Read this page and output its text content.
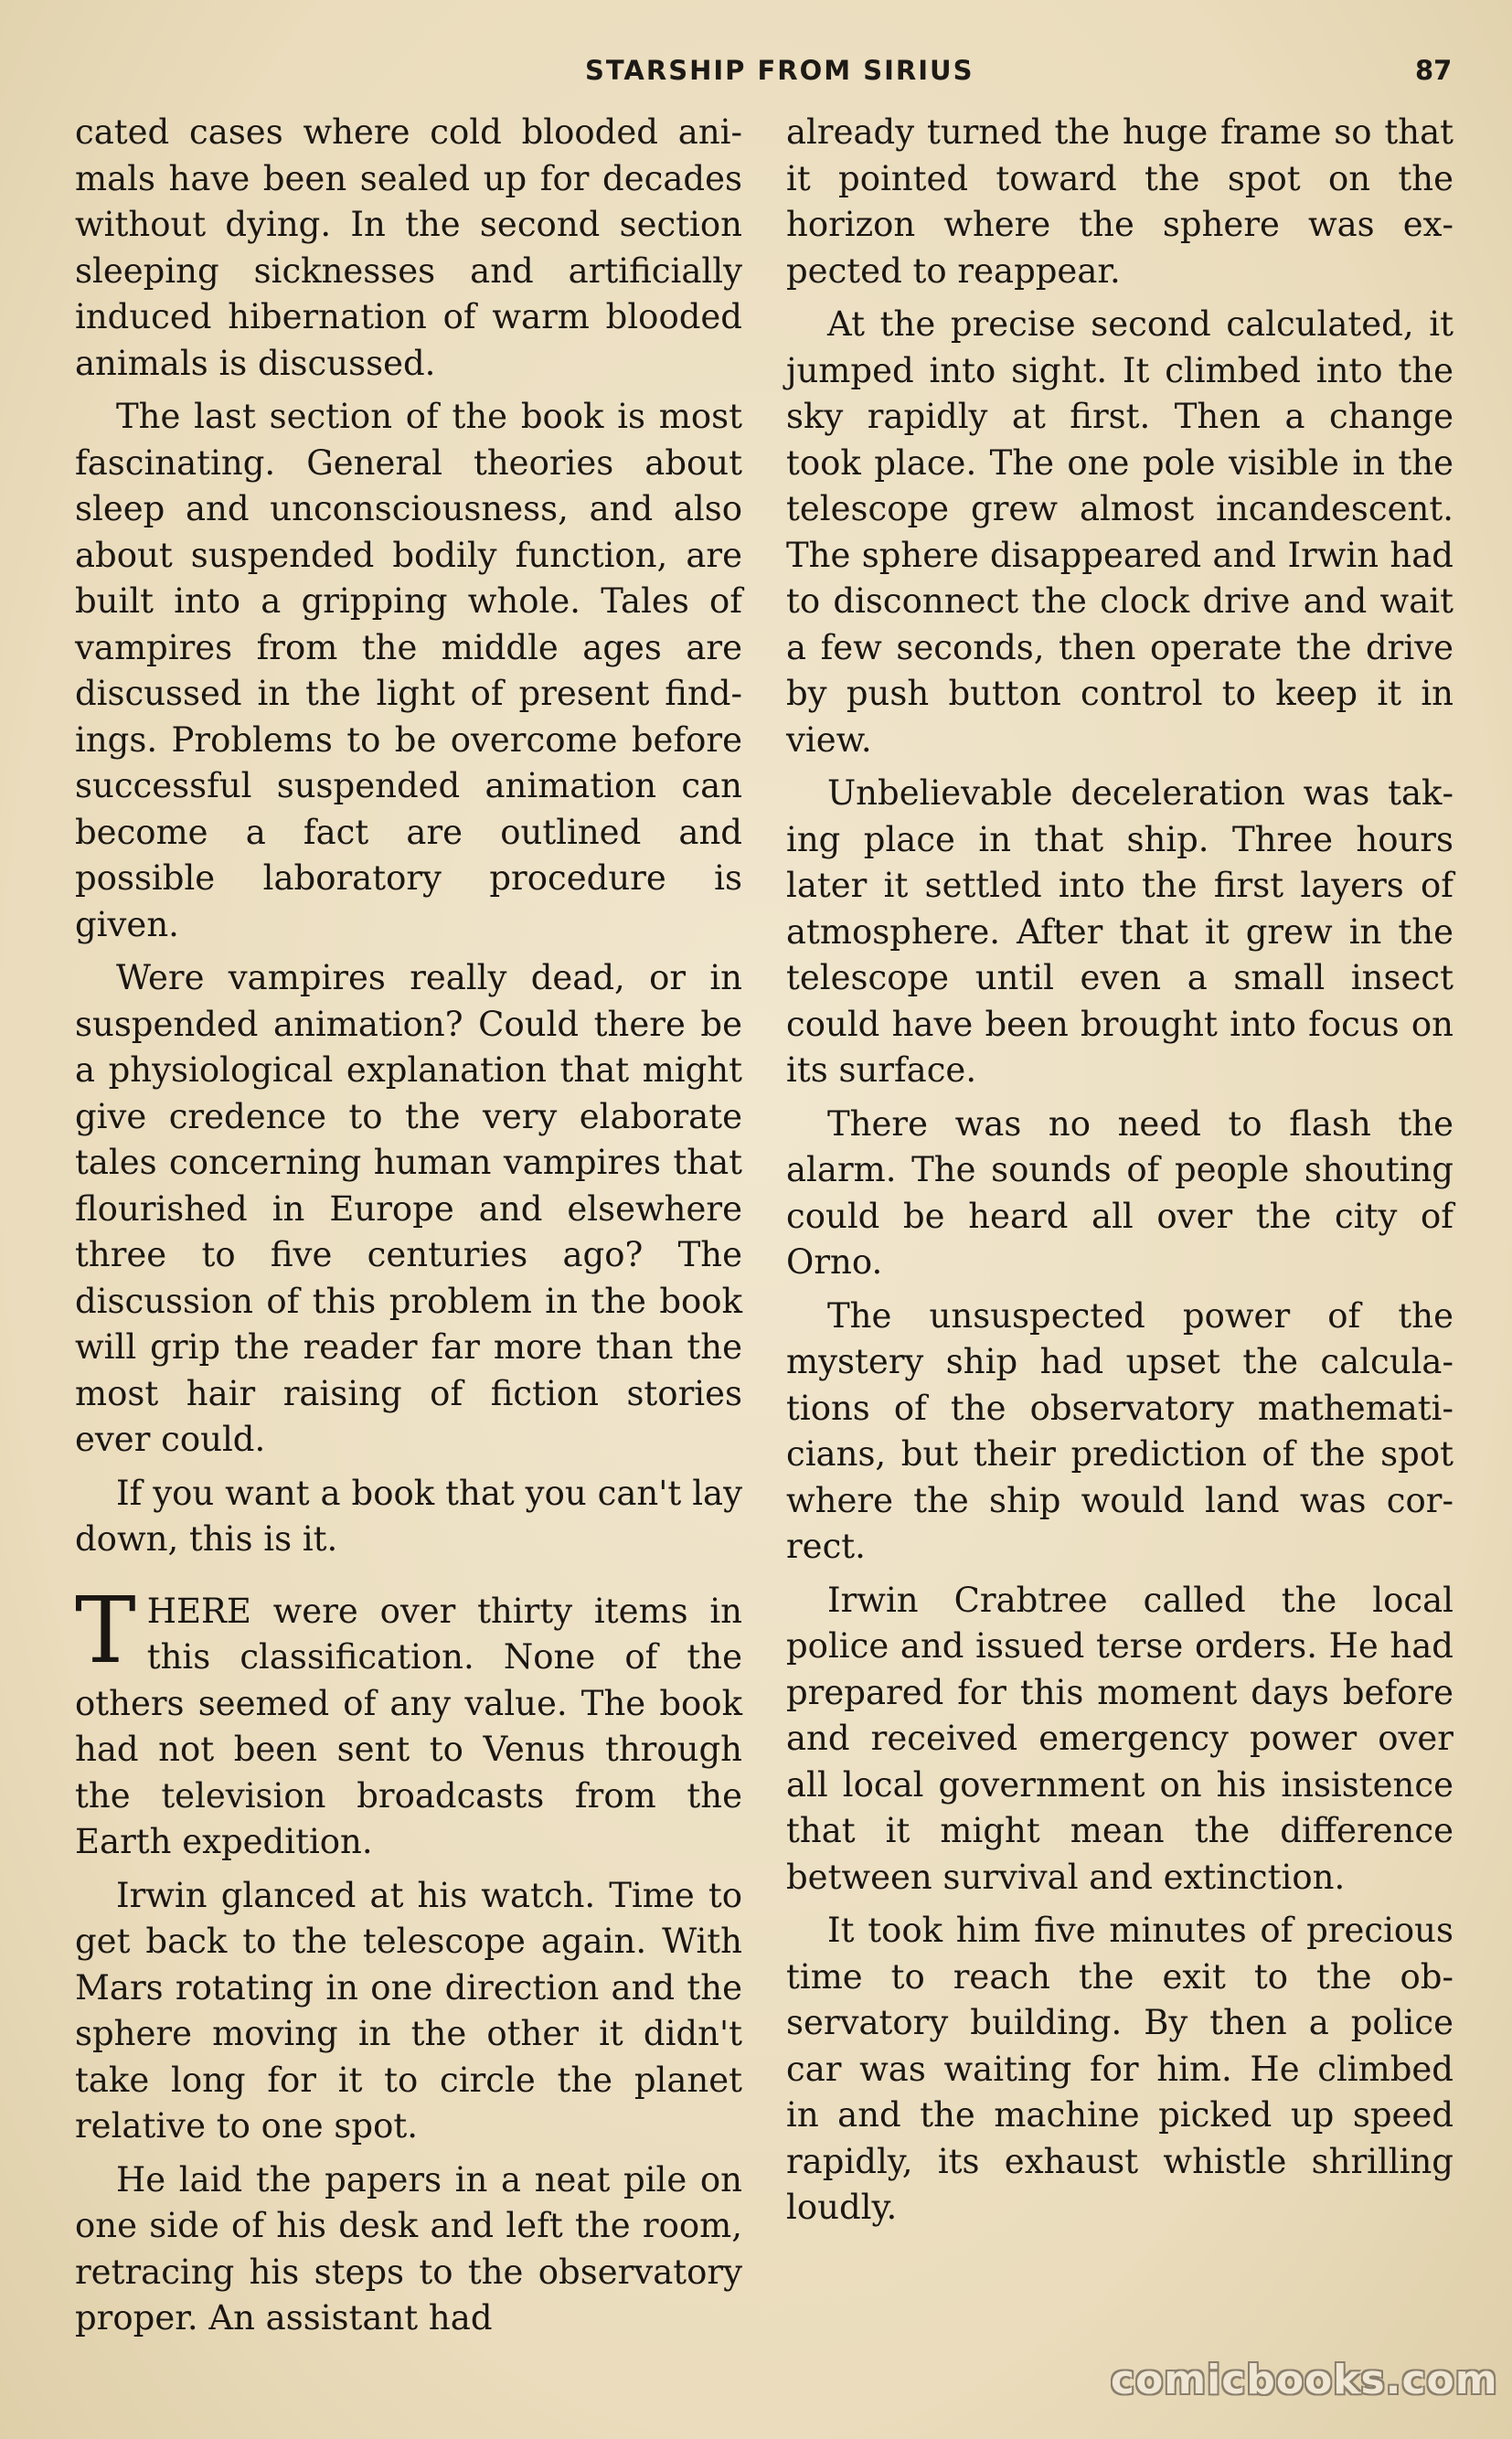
STARSHIP FROM SIRIUS	87

cated cases where cold blooded animals have been sealed up for decades without dying. In the second section sleeping sicknesses and artificially induced hibernation of warm blooded animals is discussed.

The last section of the book is most fascinating. General theories about sleep and unconsciousness, and also about suspended bodily function, are built into a gripping whole. Tales of vampires from the middle ages are discussed in the light of present findings. Problems to be overcome before successful suspended animation can become a fact are outlined and possible laboratory procedure is given.

Were vampires really dead, or in suspended animation? Could there be a physiological explanation that might give credence to the very elaborate tales concerning human vampires that flourished in Europe and elsewhere three to five centuries ago? The discussion of this problem in the book will grip the reader far more than the most hair raising of fiction stories ever could.

If you want a book that you can't lay down, this is it.

THERE were over thirty items in this classification. None of the others seemed of any value. The book had not been sent to Venus through the television broadcasts from the Earth expedition.

Irwin glanced at his watch. Time to get back to the telescope again. With Mars rotating in one direction and the sphere moving in the other it didn't take long for it to circle the planet relative to one spot.

He laid the papers in a neat pile on one side of his desk and left the room, retracing his steps to the observatory proper. An assistant had

already turned the huge frame so that it pointed toward the spot on the horizon where the sphere was expected to reappear.

At the precise second calculated, it jumped into sight. It climbed into the sky rapidly at first. Then a change took place. The one pole visible in the telescope grew almost incandescent. The sphere disappeared and Irwin had to disconnect the clock drive and wait a few seconds, then operate the drive by push button control to keep it in view.

Unbelievable deceleration was taking place in that ship. Three hours later it settled into the first layers of atmosphere. After that it grew in the telescope until even a small insect could have been brought into focus on its surface.

There was no need to flash the alarm. The sounds of people shouting could be heard all over the city of Orno.

The unsuspected power of the mystery ship had upset the calculations of the observatory mathematicians, but their prediction of the spot where the ship would land was correct.

Irwin Crabtree called the local police and issued terse orders. He had prepared for this moment days before and received emergency power over all local government on his insistence that it might mean the difference between survival and extinction.

It took him five minutes of precious time to reach the exit to the observatory building. By then a police car was waiting for him. He climbed in and the machine picked up speed rapidly, its exhaust whistle shrilling loudly.

comicbooks.com
